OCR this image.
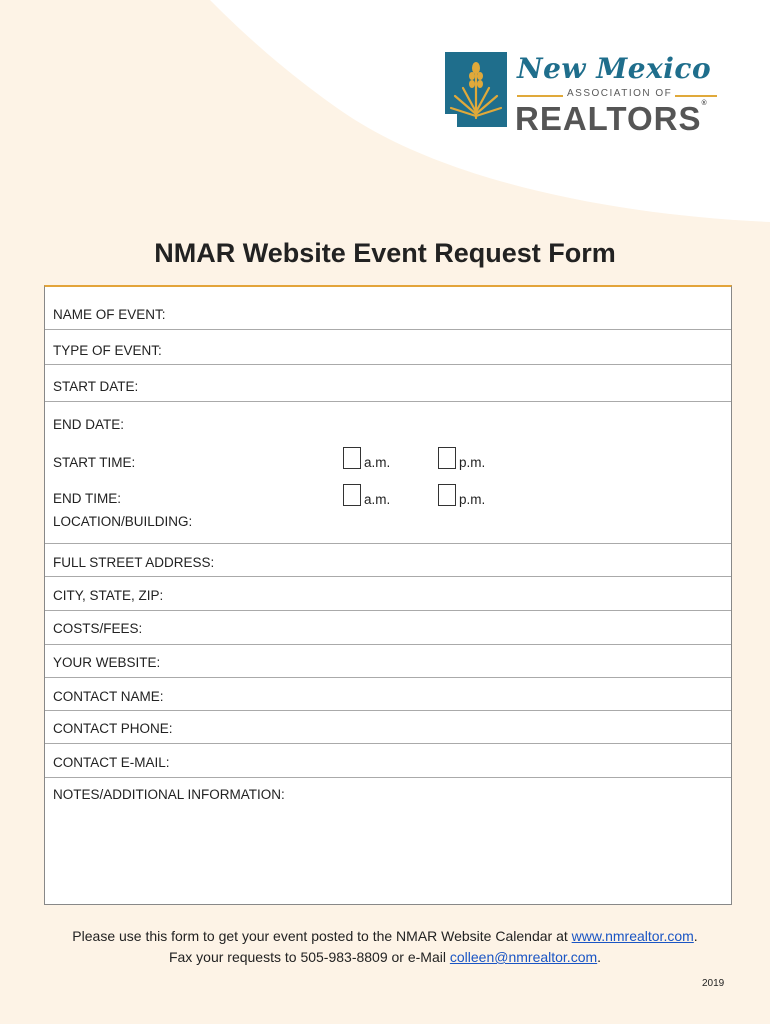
New Mexico
ASSOCIATION OF
REALTORS®
NMAR Website Event Request Form
NAME OF EVENT:
TYPE OF EVENT:
START DATE:
END DATE:
START TIME:	a.m.	p.m.
END TIME:	a.m.	p.m.
LOCATION/BUILDING:
FULL STREET ADDRESS:
CITY, STATE, ZIP:
COSTS/FEES:
YOUR WEBSITE:
CONTACT NAME:
CONTACT PHONE:
CONTACT E-MAIL:
NOTES/ADDITIONAL INFORMATION:
Please use this form to get your event posted to the NMAR Website Calendar at www.nmrealtor.com.
Fax your requests to 505-983-8809 or e-Mail colleen@nmrealtor.com.
2019
